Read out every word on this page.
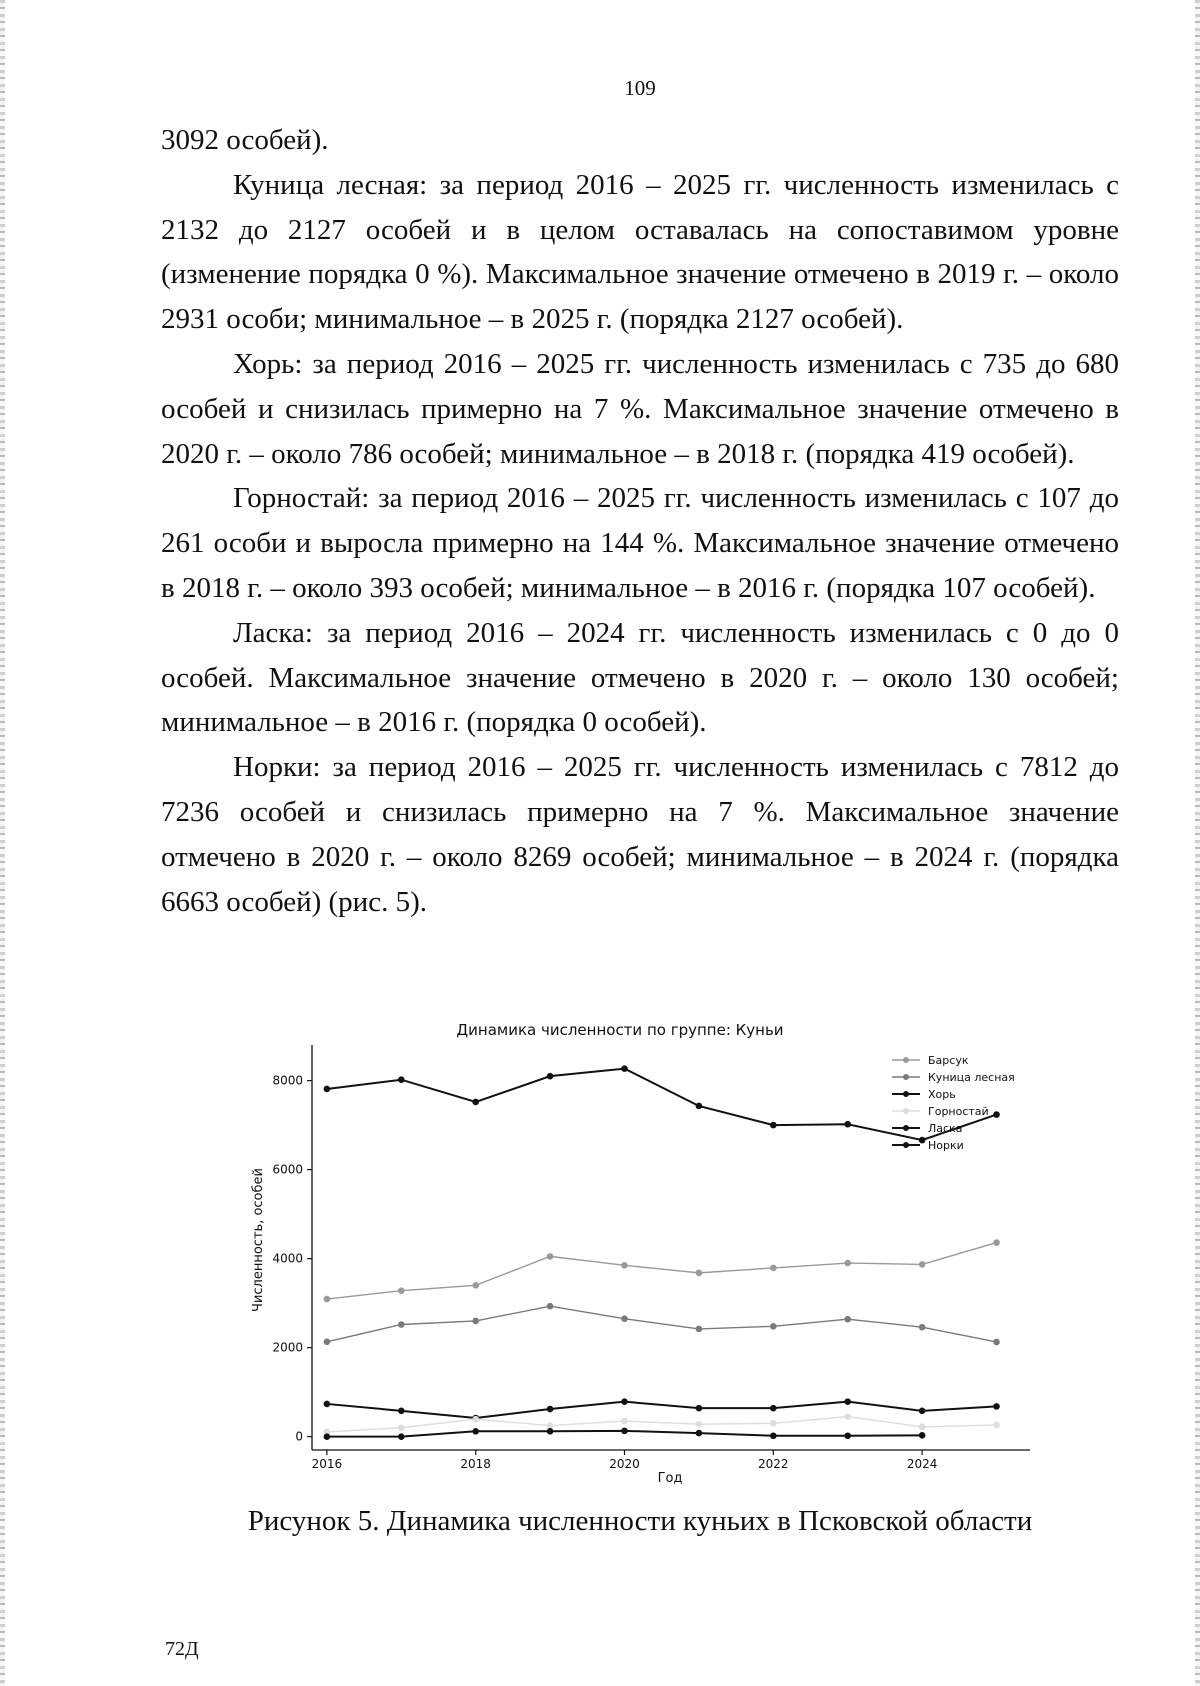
109

3092 особей).

Куница лесная: за период 2016 – 2025 гг. численность изменилась с 2132 до 2127 особей и в целом оставалась на сопоставимом уровне (изменение порядка 0 %). Максимальное значение отмечено в 2019 г. – около 2931 особи; минимальное – в 2025 г. (порядка 2127 особей).

Хорь: за период 2016 – 2025 гг. численность изменилась с 735 до 680 особей и снизилась примерно на 7 %. Максимальное значение отмечено в 2020 г. – около 786 особей; минимальное – в 2018 г. (порядка 419 особей).

Горностай: за период 2016 – 2025 гг. численность изменилась с 107 до 261 особи и выросла примерно на 144 %. Максимальное значение отмечено в 2018 г. – около 393 особей; минимальное – в 2016 г. (порядка 107 особей).

Ласка: за период 2016 – 2024 гг. численность изменилась с 0 до 0 особей. Максимальное значение отмечено в 2020 г. – около 130 особей; минимальное – в 2016 г. (порядка 0 особей).

Норки: за период 2016 – 2025 гг. численность изменилась с 7812 до 7236 особей и снизилась примерно на 7 %. Максимальное значение отмечено в 2020 г. – около 8269 особей; минимальное – в 2024 г. (порядка 6663 особей) (рис. 5).

Динамика численности по группе: Куньи
Год
Численность, особей
0
2000
4000
6000
8000
2016	2018	2020	2022	2024
Барсук
Куница лесная
Хорь
Горностай
Ласка
Норки
Рисунок 5. Динамика численности куньих в Псковской области
72Д
